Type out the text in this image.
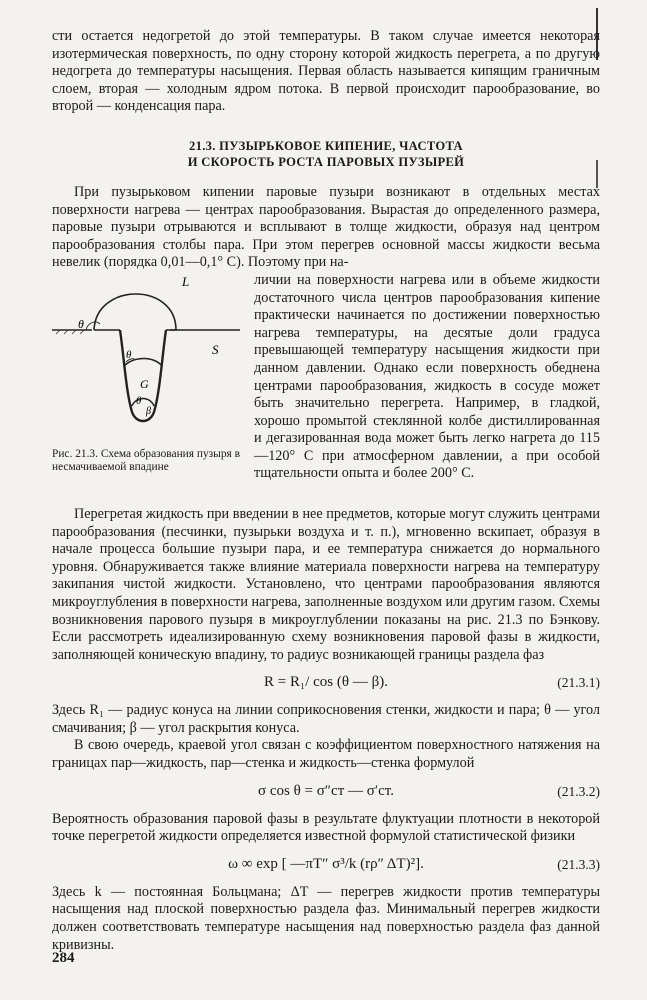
сти остается недогретой до этой температуры. В таком случае имеется некоторая изотермическая поверхность, по одну сторону которой жидкость перегрета, а по другую недогрета до температуры насыщения. Первая область называется кипящим граничным слоем, вторая — холодным ядром потока. В первой происходит парообразование, во второй — конденсация пара.

21.3. ПУЗЫРЬКОВОЕ КИПЕНИЕ, ЧАСТОТА
И СКОРОСТЬ РОСТА ПАРОВЫХ ПУЗЫРЕЙ

При пузырьковом кипении паровые пузыри возникают в отдельных местах поверхности нагрева — центрах парообразования. Вырастая до определенного размера, паровые пузыри отрываются и всплывают в толще жидкости, образуя над центром парообразования столбы пара. При этом перегрев основной массы жидкости весьма невелик (порядка 0,01—0,1° C). Поэтому при на-

L
S
G
θ
θ
θ
β
Рис. 21.3. Схема образования пузыря в несмачиваемой впадине

личии на поверхности нагрева или в объеме жидкости достаточного числа центров парообразования кипение практически начинается по достижении поверхностью нагрева температуры, на десятые доли градуса превышающей температуру насыщения жидкости при данном давлении. Однако если поверхность обеднена центрами парообразования, жидкость в сосуде может быть значительно перегрета. Например, в гладкой, хорошо промытой стеклянной колбе дистиллированная и дегазированная вода может быть легко нагрета до 115—120° C при атмосферном давлении, а при особой тщательности опыта и более 200° C.

Перегретая жидкость при введении в нее предметов, которые могут служить центрами парообразования (песчинки, пузырьки воздуха и т. п.), мгновенно вскипает, образуя в начале процесса большие пузыри пара, и ее температура снижается до нормального уровня. Обнаруживается также влияние материала поверхности нагрева на температуру закипания чистой жидкости. Установлено, что центрами парообразования являются микроуглубления в поверхности нагрева, заполненные воздухом или другим газом. Схемы возникновения парового пузыря в микроуглублении показаны на рис. 21.3 по Бэнкову. Если рассмотреть идеализированную схему возникновения паровой фазы в жидкости, заполняющей коническую впадину, то радиус возникающей границы раздела фаз

R = R₁/ cos (θ — β).	(21.3.1)

Здесь R₁ — радиус конуса на линии соприкосновения стенки, жидкости и пара; θ — угол смачивания; β — угол раскрытия конуса.

В свою очередь, краевой угол связан с коэффициентом поверхностного натяжения на границах пар—жидкость, пар—стенка и жидкость—стенка формулой

σ cos θ = σ″ст — σ′ст.	(21.3.2)

Вероятность образования паровой фазы в результате флуктуации плотности в некоторой точке перегретой жидкости определяется известной формулой статистической физики

ω ∞ exp [ —πT″ σ³/k (rρ″ ΔT)²].	(21.3.3)

Здесь k — постоянная Больцмана; ΔT — перегрев жидкости против температуры насыщения над плоской поверхностью раздела фаз. Минимальный перегрев жидкости должен соответствовать температуре насыщения над поверхностью раздела фаз данной кривизны.

284
